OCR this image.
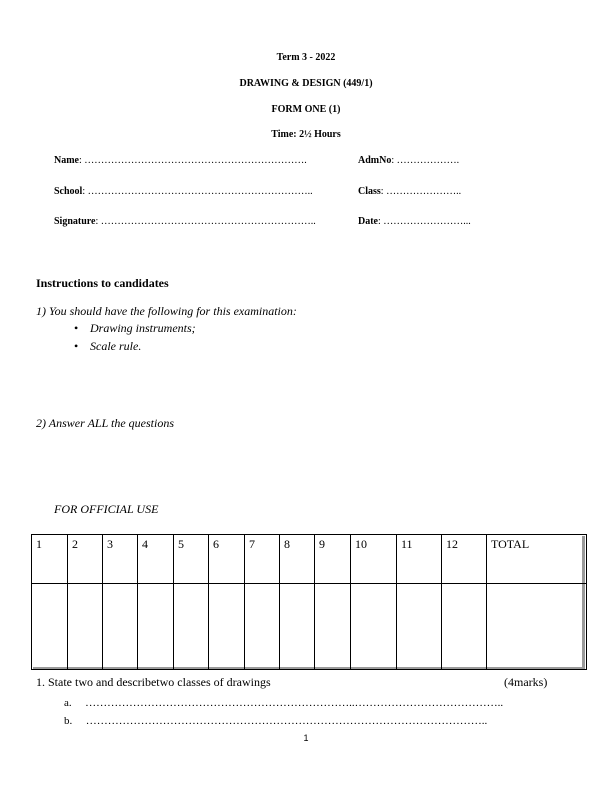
Term 3 - 2022
DRAWING & DESIGN (449/1)
FORM ONE (1)
Time: 2½ Hours
Name: ………………………………………………………….	AdmNo: ……………….
School: …………………………………………………………..	Class: …………………..
Signature: ………………………………………………………..	Date: ……………………...
Instructions to candidates
1) You should have the following for this examination:
• Drawing instruments;
• Scale rule.
2) Answer ALL the questions
FOR OFFICIAL USE
1	2	3	4	5	6	7	8	9	10	11	12	TOTAL

1. State two and describetwo classes of drawings	(4marks)
a. ………………………………………………………………..…………………………………..
b. ………………………………………………………………………………………………..
1
